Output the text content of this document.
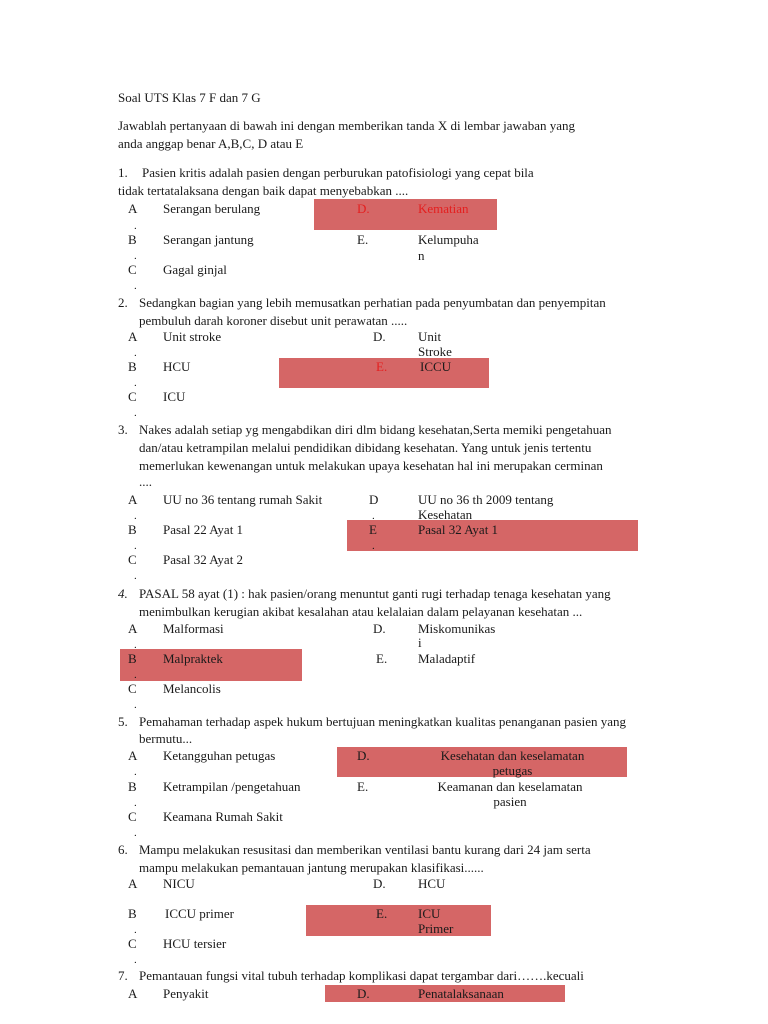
Soal UTS Klas 7 F dan 7 G
Jawablah pertanyaan di bawah ini dengan memberikan tanda X di lembar jawaban yang
anda anggap benar A,B,C, D atau E
1. Pasien kritis adalah pasien dengan perburukan patofisiologi yang cepat bila
tidak tertatalaksana dengan baik dapat menyebabkan ....
A
.
Serangan berulang	D.	Kematian
B
.
Serangan jantung	E.	Kelumpuha
n
C
.
Gagal ginjal
2. Sedangkan bagian yang lebih memusatkan perhatian pada penyumbatan dan penyempitan
pembuluh darah koroner disebut unit perawatan .....
A
.
Unit stroke	D. Unit
Stroke
B
.
HCU	E.	ICCU
C
.
ICU
3. Nakes adalah setiap yg mengabdikan diri dlm bidang kesehatan,Serta memiki pengetahuan
dan/atau ketrampilan melalui pendidikan dibidang kesehatan. Yang untuk jenis tertentu
memerlukan kewenangan untuk melakukan upaya kesehatan hal ini merupakan cerminan
....
A
.
UU no 36 tentang rumah Sakit	D
.
UU no 36 th 2009 tentang
Kesehatan
B
.
Pasal 22 Ayat 1	E
.
Pasal 32 Ayat 1
C
.
Pasal 32 Ayat 2
4. PASAL 58 ayat (1) : hak pasien/orang menuntut ganti rugi terhadap tenaga kesehatan yang
menimbulkan kerugian akibat kesalahan atau kelalaian dalam pelayanan kesehatan ...
A
.
Malformasi	D. Miskomunikas
i
B
.
Malpraktek	E. Maladaptif
C
.
Melancolis
5. Pemahaman terhadap aspek hukum bertujuan meningkatkan kualitas penanganan pasien yang
bermutu...
A
.
Ketangguhan petugas	D.	Kesehatan dan keselamatan
petugas
B
.
Ketrampilan /pengetahuan	E.	Keamanan dan keselamatan
pasien
C
.
Keamana Rumah Sakit
6. Mampu melakukan resusitasi dan memberikan ventilasi bantu kurang dari 24 jam serta
mampu melakukan pemantauan jantung merupakan klasifikasi......
A NICU	D. HCU
B
.
ICCU primer	E. ICU
Primer
C
.
HCU tersier
7. Pemantauan fungsi vital tubuh terhadap komplikasi dapat tergambar dari…….kecuali
A Penyakit	D.	Penatalaksanaan
